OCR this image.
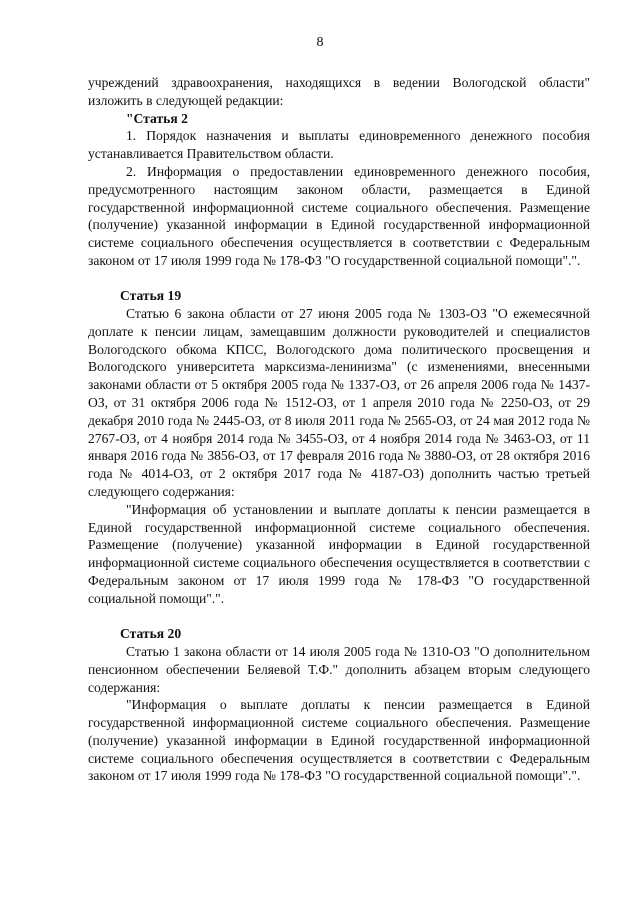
8

учреждений здравоохранения, находящихся в ведении Вологодской области" изложить в следующей редакции:

"Статья 2

1. Порядок назначения и выплаты единовременного денежного пособия устанавливается Правительством области.

2. Информация о предоставлении единовременного денежного пособия, предусмотренного настоящим законом области, размещается в Единой государственной информационной системе социального обеспечения. Размещение (получение) указанной информации в Единой государственной информационной системе социального обеспечения осуществляется в соответствии с Федеральным законом от 17 июля 1999 года № 178-ФЗ "О государственной социальной помощи".".

Статья 19

Статью 6 закона области от 27 июня 2005 года № 1303-ОЗ "О ежемесячной доплате к пенсии лицам, замещавшим должности руководителей и специалистов Вологодского обкома КПСС, Вологодского дома политического просвещения и Вологодского университета марксизма-ленинизма" (с изменениями, внесенными законами области от 5 октября 2005 года № 1337-ОЗ, от 26 апреля 2006 года № 1437-ОЗ, от 31 октября 2006 года № 1512-ОЗ, от 1 апреля 2010 года № 2250-ОЗ, от 29 декабря 2010 года № 2445-ОЗ, от 8 июля 2011 года № 2565-ОЗ, от 24 мая 2012 года № 2767-ОЗ, от 4 ноября 2014 года № 3455-ОЗ, от 4 ноября 2014 года № 3463-ОЗ, от 11 января 2016 года № 3856-ОЗ, от 17 февраля 2016 года № 3880-ОЗ, от 28 октября 2016 года № 4014-ОЗ, от 2 октября 2017 года № 4187-ОЗ) дополнить частью третьей следующего содержания:

"Информация об установлении и выплате доплаты к пенсии размещается в Единой государственной информационной системе социального обеспечения. Размещение (получение) указанной информации в Единой государственной информационной системе социального обеспечения осуществляется в соответствии с Федеральным законом от 17 июля 1999 года № 178-ФЗ "О государственной социальной помощи".".

Статья 20

Статью 1 закона области от 14 июля 2005 года № 1310-ОЗ "О дополнительном пенсионном обеспечении Беляевой Т.Ф." дополнить абзацем вторым следующего содержания:

"Информация о выплате доплаты к пенсии размещается в Единой государственной информационной системе социального обеспечения. Размещение (получение) указанной информации в Единой государственной информационной системе социального обеспечения осуществляется в соответствии с Федеральным законом от 17 июля 1999 года № 178-ФЗ "О государственной социальной помощи".".
